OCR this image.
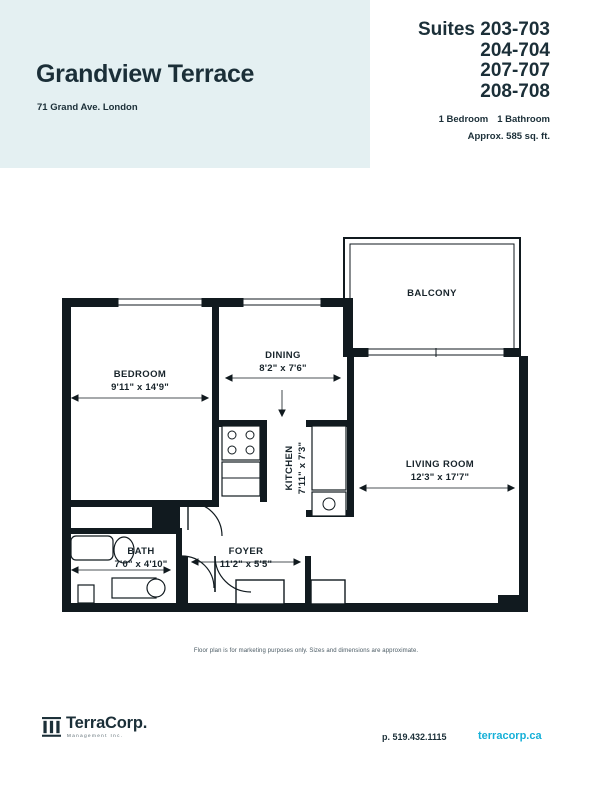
Grandview Terrace
71 Grand Ave. London
Suites 203-703
204-704
207-707
208-708
1 Bedroom 1 Bathroom
Approx. 585 sq. ft.
BALCONY
BEDROOM
9'11" x 14'9"
DINING
8'2" x 7'6"
KITCHEN 7'11" x 7'3"	LIVING ROOM
12'3" x 17'7"
BATH
7'0" x 4'10"
FOYER
11'2" x 5'5"
Floor plan is for marketing purposes only. Sizes and dimensions are approximate.
TerraCorp.
Management Inc.	p. 519.432.1115	terracorp.ca
